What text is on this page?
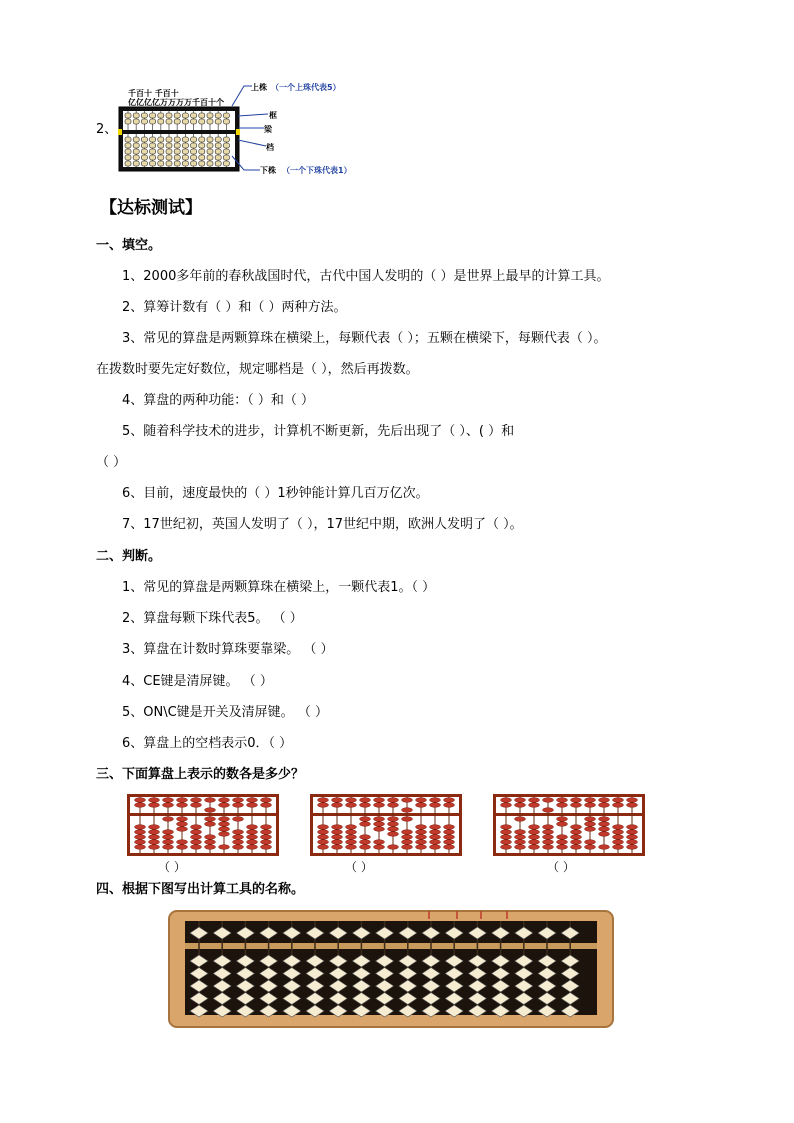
2、
千百十 千百十
亿亿亿亿万万万万千百十个
上株 （一个上珠代表5）
框
梁
档
下株 （一个下珠代表1）
【达标测试】
一、填空。
1、2000多年前的春秋战国时代，古代中国人发明的（ ）是世界上最早的计算工具。
2、算筹计数有（ ）和（ ）两种方法。
3、常见的算盘是两颗算珠在横梁上，每颗代表（ ）；五颗在横梁下，每颗代表（ ）。
在拨数时要先定好数位，规定哪档是（ ），然后再拨数。
4、算盘的两种功能：（ ）和（ ）
5、随着科学技术的进步，计算机不断更新，先后出现了（ ）、( ）和
（ ）
6、目前，速度最快的（ ）1秒钟能计算几百万亿次。
7、17世纪初，英国人发明了（ ），17世纪中期，欧洲人发明了（ ）。
二、判断。
1、常见的算盘是两颗算珠在横梁上，一颗代表1。（ ）
2、算盘每颗下珠代表5。 （ ）
3、算盘在计数时算珠要靠梁。 （ ）
4、CE键是清屏键。 （ ）
5、ON\C键是开关及清屏键。 （ ）
6、算盘上的空档表示0．（ ）
三、下面算盘上表示的数各是多少？
（ ）	（ ）	（ ）
四、根据下图写出计算工具的名称。
